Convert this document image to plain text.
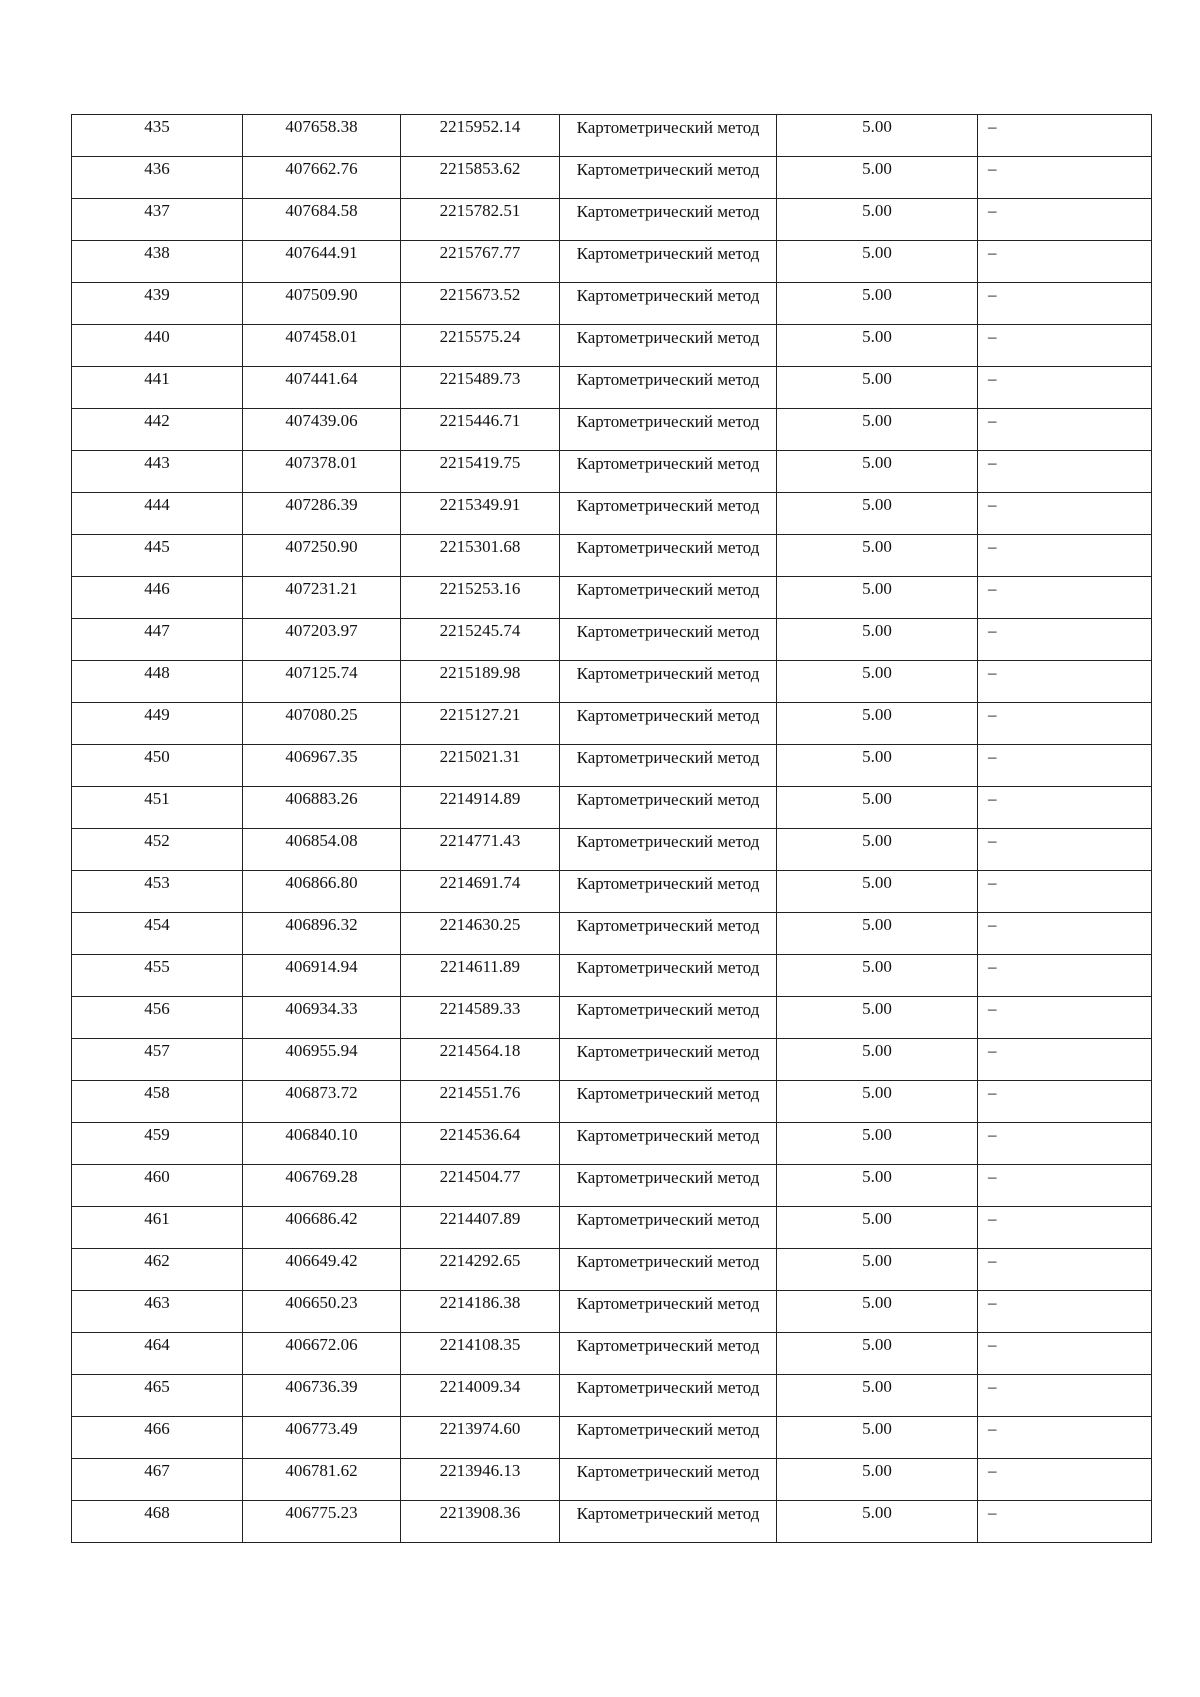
435	407658.38	2215952.14	Картометрический метод	5.00	–

436	407662.76	2215853.62	Картометрический метод	5.00	–

437	407684.58	2215782.51	Картометрический метод	5.00	–

438	407644.91	2215767.77	Картометрический метод	5.00	–

439	407509.90	2215673.52	Картометрический метод	5.00	–

440	407458.01	2215575.24	Картометрический метод	5.00	–

441	407441.64	2215489.73	Картометрический метод	5.00	–

442	407439.06	2215446.71	Картометрический метод	5.00	–

443	407378.01	2215419.75	Картометрический метод	5.00	–

444	407286.39	2215349.91	Картометрический метод	5.00	–

445	407250.90	2215301.68	Картометрический метод	5.00	–

446	407231.21	2215253.16	Картометрический метод	5.00	–

447	407203.97	2215245.74	Картометрический метод	5.00	–

448	407125.74	2215189.98	Картометрический метод	5.00	–

449	407080.25	2215127.21	Картометрический метод	5.00	–

450	406967.35	2215021.31	Картометрический метод	5.00	–

451	406883.26	2214914.89	Картометрический метод	5.00	–

452	406854.08	2214771.43	Картометрический метод	5.00	–

453	406866.80	2214691.74	Картометрический метод	5.00	–

454	406896.32	2214630.25	Картометрический метод	5.00	–

455	406914.94	2214611.89	Картометрический метод	5.00	–

456	406934.33	2214589.33	Картометрический метод	5.00	–

457	406955.94	2214564.18	Картометрический метод	5.00	–

458	406873.72	2214551.76	Картометрический метод	5.00	–

459	406840.10	2214536.64	Картометрический метод	5.00	–

460	406769.28	2214504.77	Картометрический метод	5.00	–

461	406686.42	2214407.89	Картометрический метод	5.00	–

462	406649.42	2214292.65	Картометрический метод	5.00	–

463	406650.23	2214186.38	Картометрический метод	5.00	–

464	406672.06	2214108.35	Картометрический метод	5.00	–

465	406736.39	2214009.34	Картометрический метод	5.00	–

466	406773.49	2213974.60	Картометрический метод	5.00	–

467	406781.62	2213946.13	Картометрический метод	5.00	–

468	406775.23	2213908.36	Картометрический метод	5.00	–
